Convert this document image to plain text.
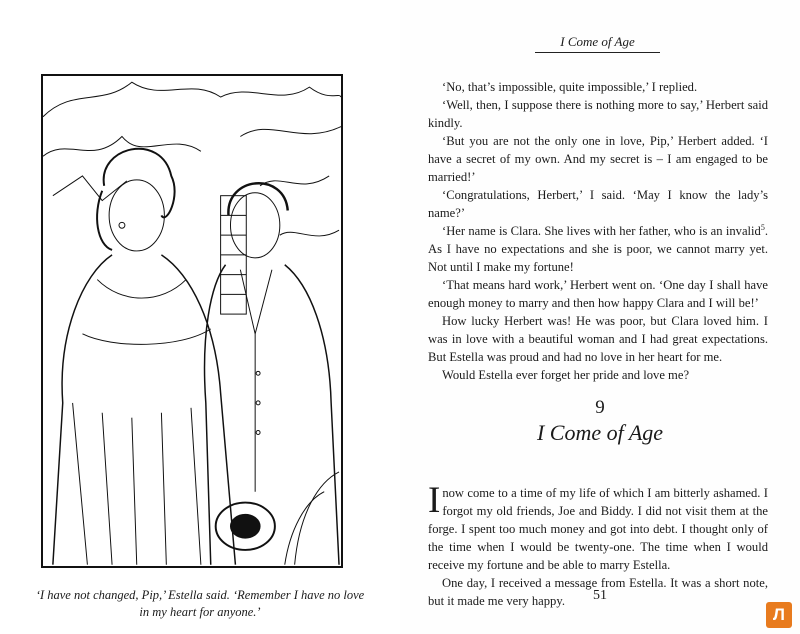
‘I have not changed, Pip,’ Estella said. ‘Remember I have no love
in my heart for anyone.’
I Come of Age

‘No, that’s impossible, quite impossible,’ I replied.

‘Well, then, I suppose there is nothing more to say,’ Herbert said kindly.

‘But you are not the only one in love, Pip,’ Herbert added. ‘I have a secret of my own. And my secret is – I am engaged to be married!’

‘Congratulations, Herbert,’ I said. ‘May I know the lady’s name?’

‘Her name is Clara. She lives with her father, who is an invalid$^5$. As I have no expectations and she is poor, we cannot marry yet. Not until I make my fortune!

‘That means hard work,’ Herbert went on. ‘One day I shall have enough money to marry and then how happy Clara and I will be!’

How lucky Herbert was! He was poor, but Clara loved him. I was in love with a beautiful woman and I had great expectations. But Estella was proud and had no love in her heart for me.

Would Estella ever forget her pride and love me?

9
I Come of Age

I now come to a time of my life of which I am bitterly ashamed. I forgot my old friends, Joe and Biddy. I did not visit them at the forge. I spent too much money and got into debt. I thought only of the time when I would be twenty-one. The time when I would receive my fortune and be able to marry Estella.

One day, I received a message from Estella. It was a short note, but it made me very happy.	51
Л
